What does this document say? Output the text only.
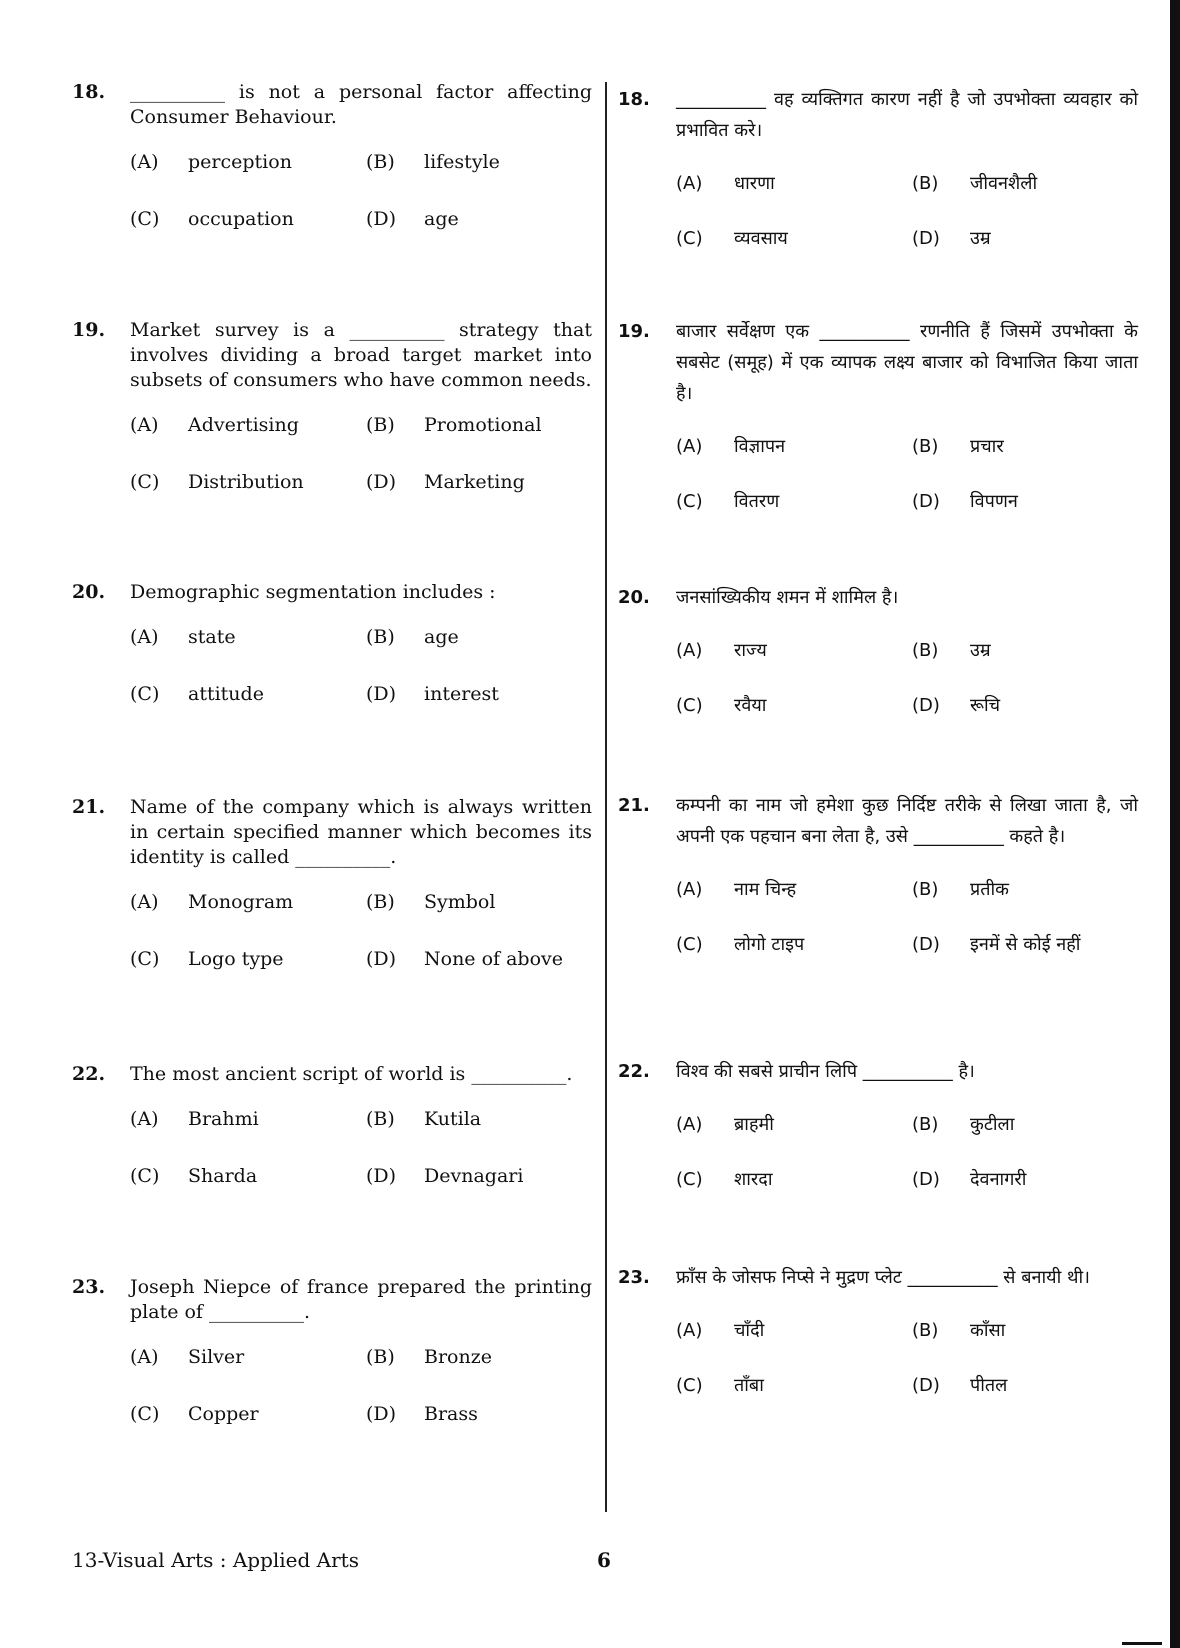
18. __________ is not a personal factor affecting Consumer Behaviour.
(A) perception	(B) lifestyle
(C) occupation	(D) age
19. Market survey is a __________ strategy that involves dividing a broad target market into subsets of consumers who have common needs.
(A) Advertising	(B) Promotional
(C) Distribution	(D) Marketing
20. Demographic segmentation includes :
(A) state	(B) age
(C) attitude	(D) interest
21. Name of the company which is always written in certain specified manner which becomes its identity is called __________.
(A) Monogram	(B) Symbol
(C) Logo type	(D) None of above
22. The most ancient script of world is __________.
(A) Brahmi	(B) Kutila
(C) Sharda	(D) Devnagari
23. Joseph Niepce of france prepared the printing plate of __________.
(A) Silver	(B) Bronze
(C) Copper	(D) Brass
18. __________ वह व्यक्तिगत कारण नहीं है जो उपभोक्ता व्यवहार को प्रभावित करे।
(A) धारणा	(B) जीवनशैली
(C) व्यवसाय	(D) उम्र
19. बाजार सर्वेक्षण एक __________ रणनीति हैं जिसमें उपभोक्ता के सबसेट (समूह) में एक व्यापक लक्ष्य बाजार को विभाजित किया जाता है।
(A) विज्ञापन	(B) प्रचार
(C) वितरण	(D) विपणन
20. जनसांख्यिकीय शमन में शामिल है।
(A) राज्य	(B) उम्र
(C) रवैया	(D) रूचि
21. कम्पनी का नाम जो हमेशा कुछ निर्दिष्ट तरीके से लिखा जाता है, जो अपनी एक पहचान बना लेता है, उसे __________ कहते है।
(A) नाम चिन्ह	(B) प्रतीक
(C) लोगो टाइप	(D) इनमें से कोई नहीं
22. विश्व की सबसे प्राचीन लिपि __________ है।
(A) ब्राहमी	(B) कुटीला
(C) शारदा	(D) देवनागरी
23. फ्राँस के जोसफ निप्से ने मुद्रण प्लेट __________ से बनायी थी।
(A) चाँदी	(B) काँसा
(C) ताँबा	(D) पीतल
13-Visual Arts : Applied Arts	6
